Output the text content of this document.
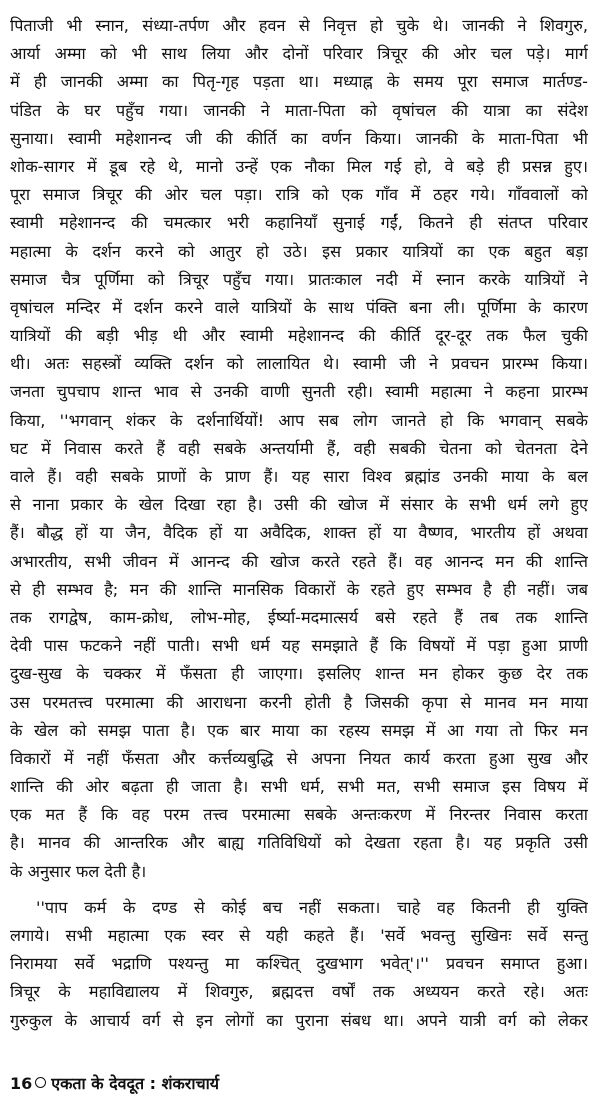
पिताजी भी स्नान, संध्या-तर्पण और हवन से निवृत्त हो चुके थे। जानकी ने शिवगुरु,
आर्या अम्मा को भी साथ लिया और दोनों परिवार त्रिचूर की ओर चल पड़े। मार्ग
में ही जानकी अम्मा का पितृ-गृह पड़ता था। मध्याह्न के समय पूरा समाज मार्तण्ड-
पंडित के घर पहुँच गया। जानकी ने माता-पिता को वृषांचल की यात्रा का संदेश
सुनाया। स्वामी महेशानन्द जी की कीर्ति का वर्णन किया। जानकी के माता-पिता भी
शोक-सागर में डूब रहे थे, मानो उन्हें एक नौका मिल गई हो, वे बड़े ही प्रसन्न हुए।
पूरा समाज त्रिचूर की ओर चल पड़ा। रात्रि को एक गाँव में ठहर गये। गाँववालों को
स्वामी महेशानन्द की चमत्कार भरी कहानियाँ सुनाई गईं, कितने ही संतप्त परिवार
महात्मा के दर्शन करने को आतुर हो उठे। इस प्रकार यात्रियों का एक बहुत बड़ा
समाज चैत्र पूर्णिमा को त्रिचूर पहुँच गया। प्रातःकाल नदी में स्नान करके यात्रियों ने
वृषांचल मन्दिर में दर्शन करने वाले यात्रियों के साथ पंक्ति बना ली। पूर्णिमा के कारण
यात्रियों की बड़ी भीड़ थी और स्वामी महेशानन्द की कीर्ति दूर-दूर तक फैल चुकी
थी। अतः सहस्त्रों व्यक्ति दर्शन को लालायित थे। स्वामी जी ने प्रवचन प्रारम्भ किया।
जनता चुपचाप शान्त भाव से उनकी वाणी सुनती रही। स्वामी महात्मा ने कहना प्रारम्भ
किया, ''भगवान् शंकर के दर्शनार्थियों! आप सब लोग जानते हो कि भगवान् सबके
घट में निवास करते हैं वही सबके अन्तर्यामी हैं, वही सबकी चेतना को चेतनता देने
वाले हैं। वही सबके प्राणों के प्राण हैं। यह सारा विश्व ब्रह्मांड उनकी माया के बल
से नाना प्रकार के खेल दिखा रहा है। उसी की खोज में संसार के सभी धर्म लगे हुए
हैं। बौद्ध हों या जैन, वैदिक हों या अवैदिक, शाक्त हों या वैष्णव, भारतीय हों अथवा
अभारतीय, सभी जीवन में आनन्द की खोज करते रहते हैं। वह आनन्द मन की शान्ति
से ही सम्भव है; मन की शान्ति मानसिक विकारों के रहते हुए सम्भव है ही नहीं। जब
तक रागद्वेष, काम-क्रोध, लोभ-मोह, ईर्ष्या-मदमात्सर्य बसे रहते हैं तब तक शान्ति
देवी पास फटकने नहीं पाती। सभी धर्म यह समझाते हैं कि विषयों में पड़ा हुआ प्राणी
दुख-सुख के चक्कर में फँसता ही जाएगा। इसलिए शान्त मन होकर कुछ देर तक
उस परमतत्त्व परमात्मा की आराधना करनी होती है जिसकी कृपा से मानव मन माया
के खेल को समझ पाता है। एक बार माया का रहस्य समझ में आ गया तो फिर मन
विकारों में नहीं फँसता और कर्त्तव्यबुद्धि से अपना नियत कार्य करता हुआ सुख और
शान्ति की ओर बढ़ता ही जाता है। सभी धर्म, सभी मत, सभी समाज इस विषय में
एक मत हैं कि वह परम तत्त्व परमात्मा सबके अन्तःकरण में निरन्तर निवास करता
है। मानव की आन्तरिक और बाह्य गतिविधियों को देखता रहता है। यह प्रकृति उसी
के अनुसार फल देती है।
''पाप कर्म के दण्ड से कोई बच नहीं सकता। चाहे वह कितनी ही युक्ति
लगाये। सभी महात्मा एक स्वर से यही कहते हैं। 'सर्वे भवन्तु सुखिनः सर्वे सन्तु
निरामया सर्वे भद्राणि पश्यन्तु मा कश्चित् दुखभाग भवेत्'।'' प्रवचन समाप्त हुआ।
त्रिचूर के महाविद्यालय में शिवगुरु, ब्रह्मदत्त वर्षों तक अध्ययन करते रहे। अतः
गुरुकुल के आचार्य वर्ग से इन लोगों का पुराना संबध था। अपने यात्री वर्ग को लेकर
16 एकता के देवदूत : शंकराचार्य
